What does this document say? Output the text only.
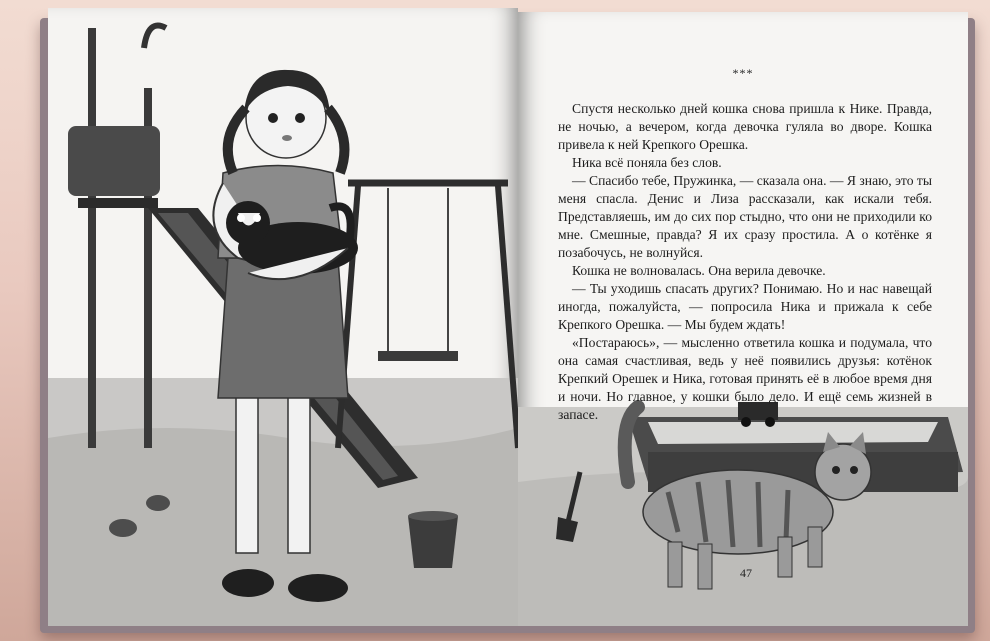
***

Спустя несколько дней кошка снова пришла к Нике. Правда, не ночью, а вечером, когда девочка гуляла во дворе. Кошка привела к ней Крепкого Орешка.

Ника всё поняла без слов.

— Спасибо тебе, Пружинка, — сказала она. — Я знаю, это ты меня спасла. Денис и Лиза рассказали, как искали тебя. Представляешь, им до сих пор стыдно, что они не приходили ко мне. Смешные, правда? Я их сразу простила. А о котёнке я позабочусь, не волнуйся.

Кошка не волновалась. Она верила девочке.

— Ты уходишь спасать других? Понимаю. Но и нас навещай иногда, пожалуйста, — попросила Ника и прижала к себе Крепкого Орешка. — Мы будем ждать!

«Постараюсь», — мысленно ответила кошка и подумала, что она самая счастливая, ведь у неё появились друзья: котёнок Крепкий Орешек и Ника, готовая принять её в любое время дня и ночи. Но главное, у кошки было дело. И ещё семь жизней в запасе.

47
